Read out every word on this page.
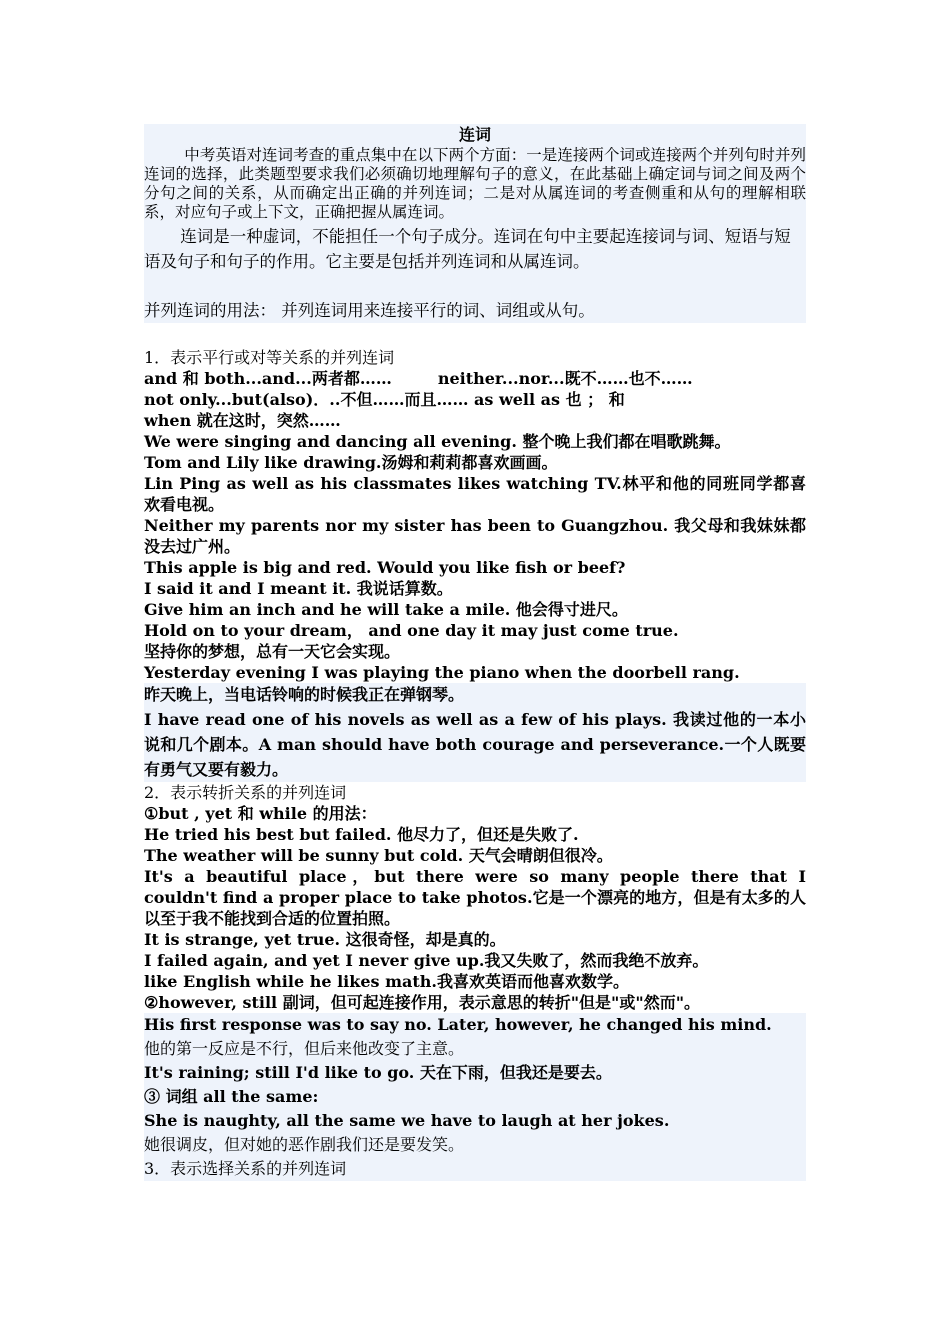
连词

中考英语对连词考查的重点集中在以下两个方面：一是连接两个词或连接两个并列句时并列连词的选择，此类题型要求我们必须确切地理解句子的意义，在此基础上确定词与词之间及两个分句之间的关系，从而确定出正确的并列连词；二是对从属连词的考查侧重和从句的理解相联系，对应句子或上下文，正确把握从属连词。

连词是一种虚词，不能担任一个句子成分。连词在句中主要起连接词与词、短语与短语及句子和句子的作用。它主要是包括并列连词和从属连词。

并列连词的用法： 并列连词用来连接平行的词、词组或从句。

1．表示平行或对等关系的并列连词
and 和 both...and...两者都……	neither...nor...既不……也不……
not only...but(also)．..不但……而且…… as well as 也 ； 和
when 就在这时，突然……
We were singing and dancing all evening. 整个晚上我们都在唱歌跳舞。
Tom and Lily like drawing.汤姆和莉莉都喜欢画画。

Lin Ping as well as his classmates likes watching TV.林平和他的同班同学都喜欢看电视。

Neither my parents nor my sister has been to Guangzhou. 我父母和我妹妹都没去过广州。

This apple is big and red. Would you like fish or beef?
I said it and I meant it. 我说话算数。
Give him an inch and he will take a mile. 他会得寸进尺。
Hold on to your dream， and one day it may just come true.
坚持你的梦想，总有一天它会实现。
Yesterday evening I was playing the piano when the doorbell rang.
昨天晚上，当电话铃响的时候我正在弹钢琴。

I have read one of his novels as well as a few of his plays. 我读过他的一本小说和几个剧本。A man should have both courage and perseverance.一个人既要有勇气又要有毅力。

2．表示转折关系的并列连词
①but , yet 和 while 的用法：
He tried his best but failed. 他尽力了，但还是失败了.
The weather will be sunny but cold. 天气会晴朗但很冷。

It's a beautiful place，but there were so many people there that I couldn't find a proper place to take photos.它是一个漂亮的地方，但是有太多的人以至于我不能找到合适的位置拍照。

It is strange, yet true. 这很奇怪，却是真的。
I failed again, and yet I never give up.我又失败了，然而我绝不放弃。
like English while he likes math.我喜欢英语而他喜欢数学。
②however, still 副词，但可起连接作用，表示意思的转折"但是"或"然而"。
His first response was to say no. Later, however, he changed his mind.
他的第一反应是不行，但后来他改变了主意。
It's raining; still I'd like to go. 天在下雨，但我还是要去。
③ 词组 all the same:
She is naughty, all the same we have to laugh at her jokes.
她很调皮，但对她的恶作剧我们还是要发笑。
3．表示选择关系的并列连词
